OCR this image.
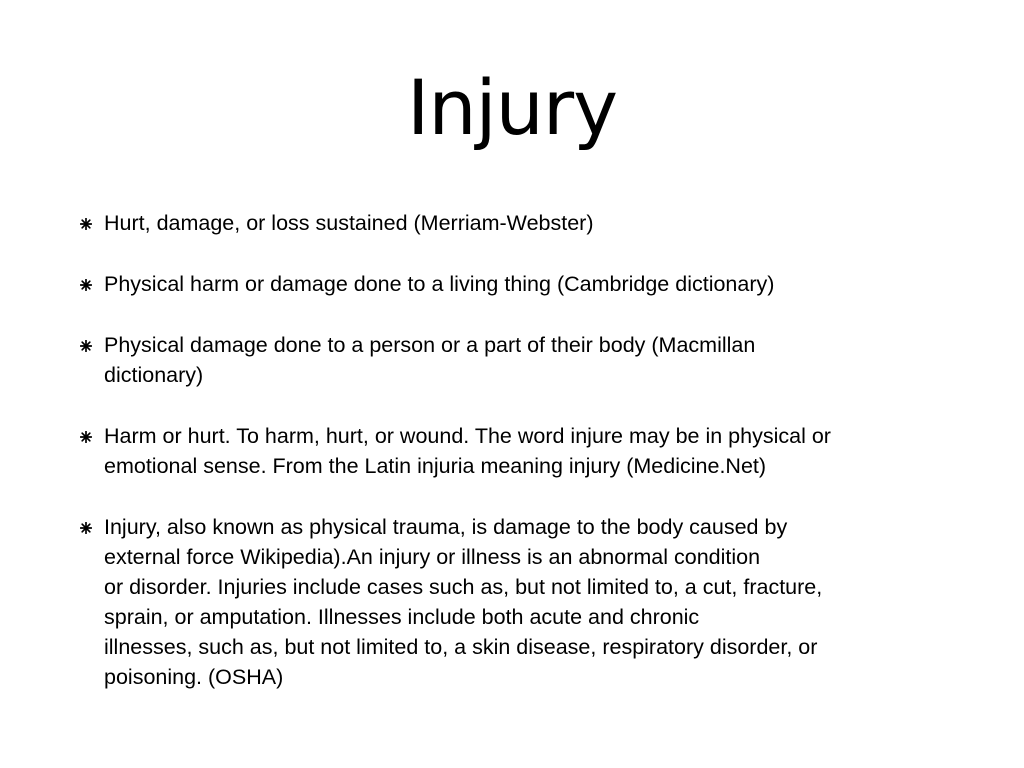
Injury
Hurt, damage, or loss sustained (Merriam-Webster)
Physical harm or damage done to a living thing (Cambridge dictionary)
Physical damage done to a person or a part of their body (Macmillan
dictionary)
Harm or hurt. To harm, hurt, or wound. The word injure may be in physical or
emotional sense. From the Latin injuria meaning injury (Medicine.Net)
Injury, also known as physical trauma, is damage to the body caused by
external force Wikipedia).An injury or illness is an abnormal condition
or disorder. Injuries include cases such as, but not limited to, a cut, fracture,
sprain, or amputation. Illnesses include both acute and chronic
illnesses, such as, but not limited to, a skin disease, respiratory disorder, or
poisoning. (OSHA)
